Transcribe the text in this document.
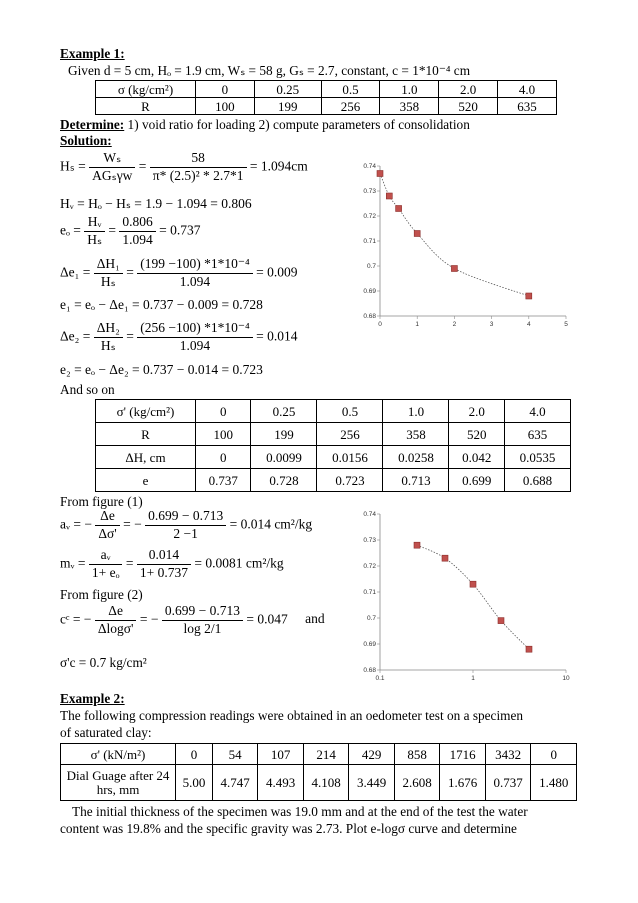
Example 1:
Given d = 5 cm, Hₒ = 1.9 cm, Wₛ = 58 g, Gₛ = 2.7, constant, c = 1*10⁻⁴ cm
σ (kg/cm²)	0	0.25	0.5	1.0	2.0	4.0
R	100	199	256	358	520	635
Determine: 1) void ratio for loading 2) compute parameters of consolidation
Solution:
$H_s = \frac{\text{Wₛ}}{\text{AGₛγw}} = \frac{58}{\text{π* (2.5)² * 2.7*1}} = 1.094cm$
Hᵥ = Hₒ − Hₛ = 1.9 − 1.094 = 0.806
$e_o = \frac{\text{Hᵥ}}{\text{Hₛ}} = \frac{0.806}{1.094} = 0.737$
$\Delta e_1 = \frac{\text{ΔH₁}}{\text{Hₛ}} = \frac{\text{(199 −100) *1*10⁻⁴}}{1.094} = 0.009$
e₁ = eₒ − Δe₁ = 0.737 − 0.009 = 0.728
$\Delta e_2 = \frac{\text{ΔH₂}}{\text{Hₛ}} = \frac{\text{(256 −100) *1*10⁻⁴}}{1.094} = 0.014$
e₂ = eₒ − Δe₂ = 0.737 − 0.014 = 0.723
And so on
0.68
0.69
0.7
0.71
0.72
0.73
0.74
0	1	2	3	4	5
σ' (kg/cm²)	0	0.25	0.5	1.0	2.0	4.0
R	100	199	256	358	520	635
ΔH, cm	0	0.0099	0.0156	0.0258	0.042	0.0535
e	0.737	0.728	0.723	0.713	0.699	0.688
From figure (1)
aᵥ = − $\frac{\Delta e}{\Delta\sigma'}$ = − $\frac{0.699 - 0.713}{2 -1} = 0.014$ cm²/kg
mᵥ = $\frac{\text{aᵥ}}{\text{1+ eₒ}} = \frac{0.014}{1+ 0.737} = 0.0081$ cm²/kg
From figure (2)
cᶜ = − $\frac{\Delta e}{\Delta\log\sigma'}$ = − $\frac{0.699 - 0.713}{\log 2/1} = 0.047$ and
σ'c = 0.7 kg/cm²
0.68
0.69
0.7
0.71
0.72
0.73
0.74
0.1	1	10
Example 2:
The following compression readings were obtained in an oedometer test on a specimen
of saturated clay:
σ' (kN/m²)	0	54	107	214	429	858	1716	3432	0
Dial Guage after 24 hrs, mm	5.00	4.747	4.493	4.108	3.449	2.608	1.676	0.737	1.480
The initial thickness of the specimen was 19.0 mm and at the end of the test the water
content was 19.8% and the specific gravity was 2.73. Plot e-logσ curve and determine
